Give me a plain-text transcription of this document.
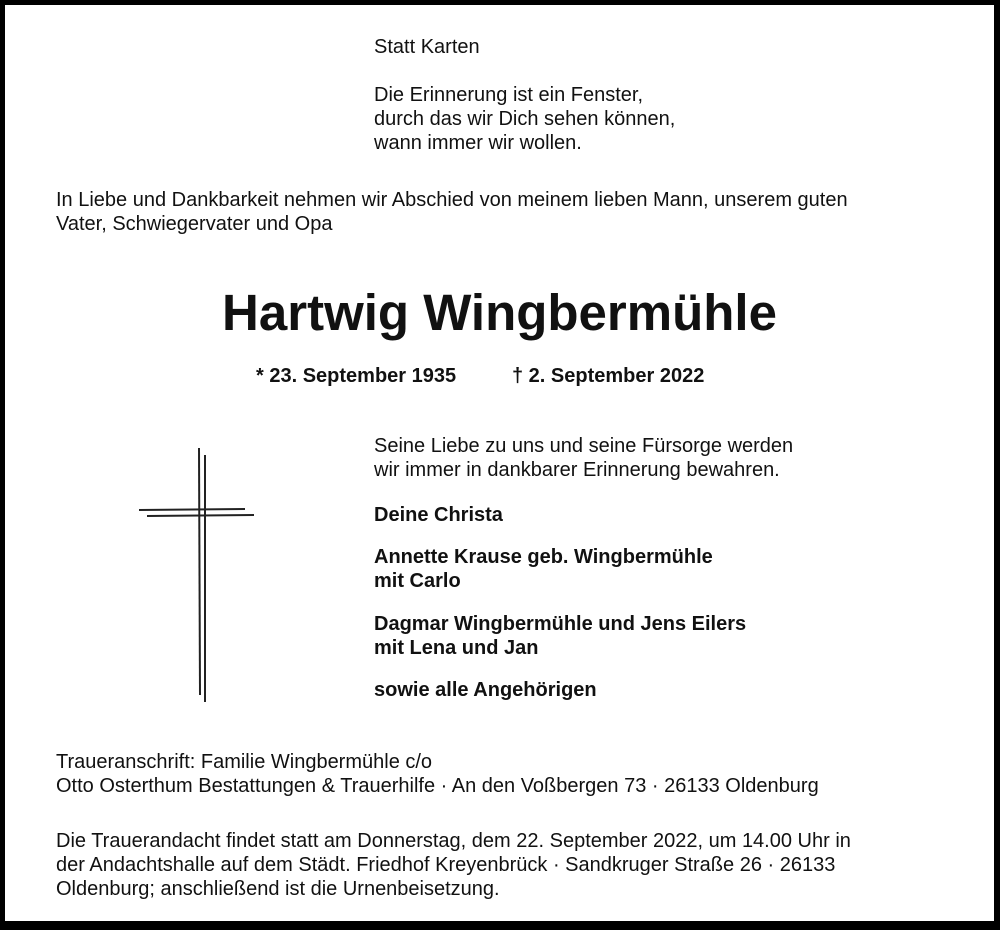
Statt Karten

Die Erinnerung ist ein Fenster,

durch das wir Dich sehen können,

wann immer wir wollen.

In Liebe und Dankbarkeit nehmen wir Abschied von meinem lieben Mann, unserem guten

Vater, Schwiegervater und Opa

Hartwig Wingbermühle

* 23. September 1935	† 2. September 2022

Seine Liebe zu uns und seine Fürsorge werden

wir immer in dankbarer Erinnerung bewahren.

Deine Christa

Annette Krause geb. Wingbermühle

mit Carlo

Dagmar Wingbermühle und Jens Eilers

mit Lena und Jan

sowie alle Angehörigen

Traueranschrift: Familie Wingbermühle c/o

Otto Osterthum Bestattungen & Trauerhilfe · An den Voßbergen 73 · 26133 Oldenburg

Die Trauerandacht findet statt am Donnerstag, dem 22. September 2022, um 14.00 Uhr in

der Andachtshalle auf dem Städt. Friedhof Kreyenbrück · Sandkruger Straße 26 · 26133

Oldenburg; anschließend ist die Urnenbeisetzung.
